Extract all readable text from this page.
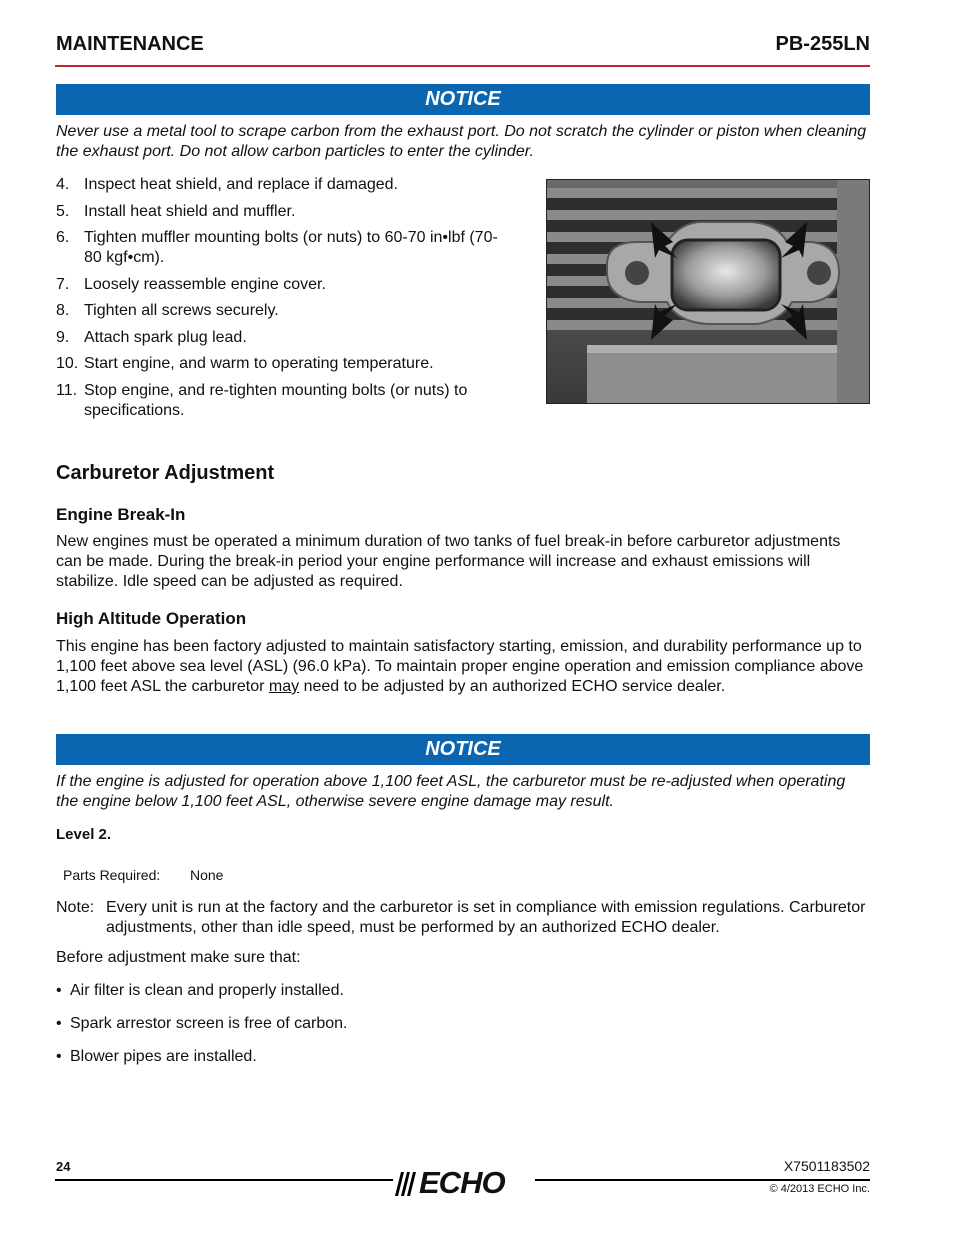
MAINTENANCE	PB-255LN
NOTICE
Never use a metal tool to scrape carbon from the exhaust port. Do not scratch the cylinder or piston when cleaning the exhaust port. Do not allow carbon particles to enter the cylinder.
4. Inspect heat shield, and replace if damaged.
5. Install heat shield and muffler.
6. Tighten muffler mounting bolts (or nuts) to 60-70 in•lbf (70-80 kgf•cm).
7. Loosely reassemble engine cover.
8. Tighten all screws securely.
9. Attach spark plug lead.
10. Start engine, and warm to operating temperature.
11. Stop engine, and re-tighten mounting bolts (or nuts) to specifications.
Carburetor Adjustment
Engine Break-In
New engines must be operated a minimum duration of two tanks of fuel break-in before carburetor adjustments can be made. During the break-in period your engine performance will increase and exhaust emissions will stabilize. Idle speed can be adjusted as required.
High Altitude Operation
This engine has been factory adjusted to maintain satisfactory starting, emission, and durability performance up to 1,100 feet above sea level (ASL) (96.0 kPa). To maintain proper engine operation and emission compliance above 1,100 feet ASL the carburetor may need to be adjusted by an authorized ECHO service dealer.
NOTICE
If the engine is adjusted for operation above 1,100 feet ASL, the carburetor must be re-adjusted when operating the engine below 1,100 feet ASL, otherwise severe engine damage may result.
Level 2.
Parts Required: None
Note: Every unit is run at the factory and the carburetor is set in compliance with emission regulations. Carburetor adjustments, other than idle speed, must be performed by an authorized ECHO dealer.
Before adjustment make sure that:
• Air filter is clean and properly installed.
• Spark arrestor screen is free of carbon.
• Blower pipes are installed.
24	X7501183502
ECHO	© 4/2013 ECHO Inc.
